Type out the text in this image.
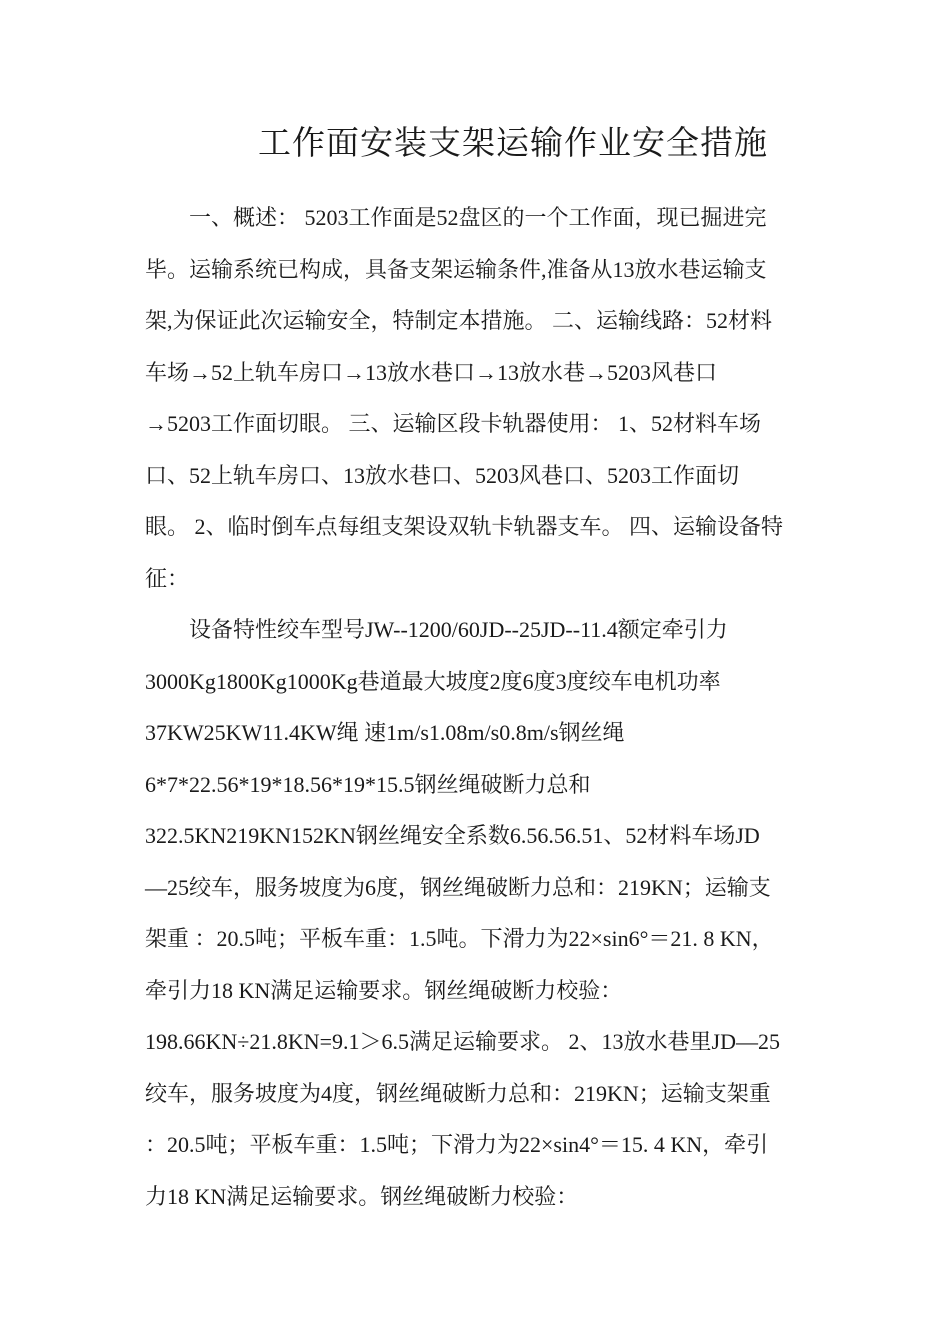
工作面安装支架运输作业安全措施
一、概述： 5203工作面是52盘区的一个工作面，现已掘进完
毕。运输系统已构成，具备支架运输条件,准备从13放水巷运输支
架,为保证此次运输安全，特制定本措施。 二、运输线路：52材料
车场→52上轨车房口→13放水巷口→13放水巷→5203风巷口
→5203工作面切眼。 三、运输区段卡轨器使用： 1、52材料车场
口、52上轨车房口、13放水巷口、5203风巷口、5203工作面切
眼。 2、临时倒车点每组支架设双轨卡轨器支车。 四、运输设备特
征：
设备特性绞车型号JW--1200/60JD--25JD--11.4额定牵引力
3000Kg1800Kg1000Kg巷道最大坡度2度6度3度绞车电机功率
37KW25KW11.4KW绳 速1m/s1.08m/s0.8m/s钢丝绳
6*7*22.56*19*18.56*19*15.5钢丝绳破断力总和
322.5KN219KN152KN钢丝绳安全系数6.56.56.51、52材料车场JD
—25绞车，服务坡度为6度，钢丝绳破断力总和：219KN；运输支
架重 ：20.5吨；平板车重：1.5吨。下滑力为22×sin6°＝21. 8 KN，
牵引力18 KN满足运输要求。钢丝绳破断力校验：
198.66KN÷21.8KN=9.1＞6.5满足运输要求。 2、13放水巷里JD—25
绞车，服务坡度为4度，钢丝绳破断力总和：219KN；运输支架重
：20.5吨；平板车重：1.5吨；下滑力为22×sin4°＝15. 4 KN，牵引
力18 KN满足运输要求。钢丝绳破断力校验：
